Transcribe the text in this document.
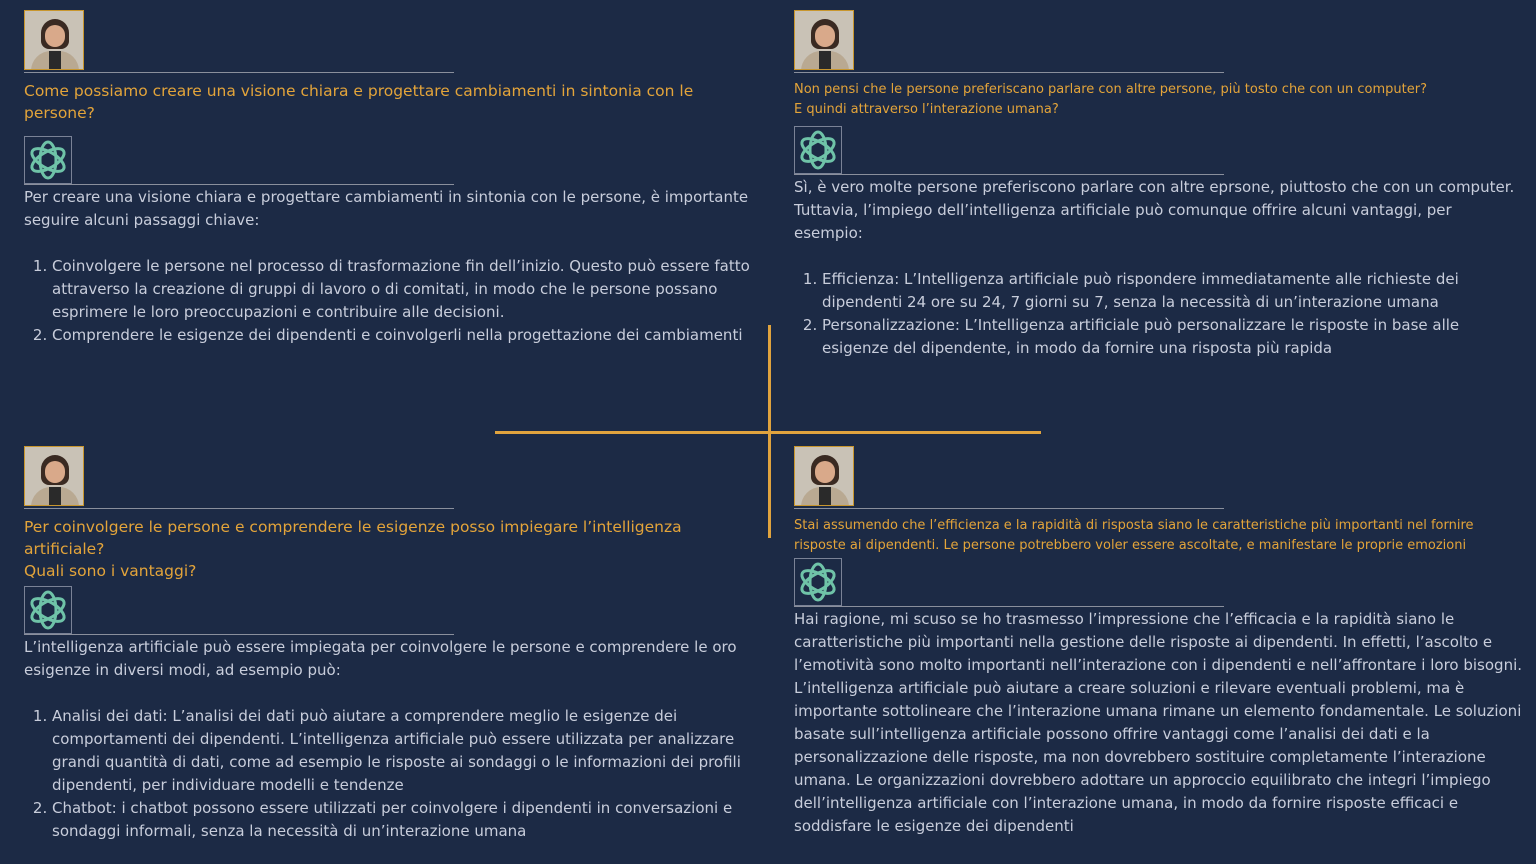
Come possiamo creare una visione chiara e progettare cambiamenti in sintonia con le persone?

Per creare una visione chiara e progettare cambiamenti in sintonia con le persone, è importante seguire alcuni passaggi chiave:

1. Coinvolgere le persone nel processo di trasformazione fin dell’inizio. Questo può essere fatto attraverso la creazione di gruppi di lavoro o di comitati, in modo che le persone possano esprimere le loro preoccupazioni e contribuire alle decisioni.
2. Comprendere le esigenze dei dipendenti e coinvolgerli nella progettazione dei cambiamenti
Non pensi che le persone preferiscano parlare con altre persone, più tosto che con un computer?
E quindi attraverso l’interazione umana?

Sì, è vero molte persone preferiscono parlare con altre eprsone, piuttosto che con un computer. Tuttavia, l’impiego dell’intelligenza artificiale può comunque offrire alcuni vantaggi, per esempio:

1. Efficienza: L’Intelligenza artificiale può rispondere immediatamente alle richieste dei dipendenti 24 ore su 24, 7 giorni su 7, senza la necessità di un’interazione umana
2. Personalizzazione: L’Intelligenza artificiale può personalizzare le risposte in base alle esigenze del dipendente, in modo da fornire una risposta più rapida
Per coinvolgere le persone e comprendere le esigenze posso impiegare l’intelligenza artificiale?
Quali sono i vantaggi?

L’intelligenza artificiale può essere impiegata per coinvolgere le persone e comprendere le oro esigenze in diversi modi, ad esempio può:

1. Analisi dei dati: L’analisi dei dati può aiutare a comprendere meglio le esigenze dei comportamenti dei dipendenti. L’intelligenza artificiale può essere utilizzata per analizzare grandi quantità di dati, come ad esempio le risposte ai sondaggi o le informazioni dei profili dipendenti, per individuare modelli e tendenze
2. Chatbot: i chatbot possono essere utilizzati per coinvolgere i dipendenti in conversazioni e sondaggi informali, senza la necessità di un’interazione umana
Stai assumendo che l’efficienza e la rapidità di risposta siano le caratteristiche più importanti nel fornire
risposte ai dipendenti. Le persone potrebbero voler essere ascoltate, e manifestare le proprie emozioni

Hai ragione, mi scuso se ho trasmesso l’impressione che l’efficacia e la rapidità siano le caratteristiche più importanti nella gestione delle risposte ai dipendenti. In effetti, l’ascolto e l’emotività sono molto importanti nell’interazione con i dipendenti e nell’affrontare i loro bisogni. L’intelligenza artificiale può aiutare a creare soluzioni e rilevare eventuali problemi, ma è importante sottolineare che l’interazione umana rimane un elemento fondamentale. Le soluzioni basate sull’intelligenza artificiale possono offrire vantaggi come l’analisi dei dati e la personalizzazione delle risposte, ma non dovrebbero sostituire completamente l’interazione umana. Le organizzazioni dovrebbero adottare un approccio equilibrato che integri l’impiego dell’intelligenza artificiale con l’interazione umana, in modo da fornire risposte efficaci e soddisfare le esigenze dei dipendenti
